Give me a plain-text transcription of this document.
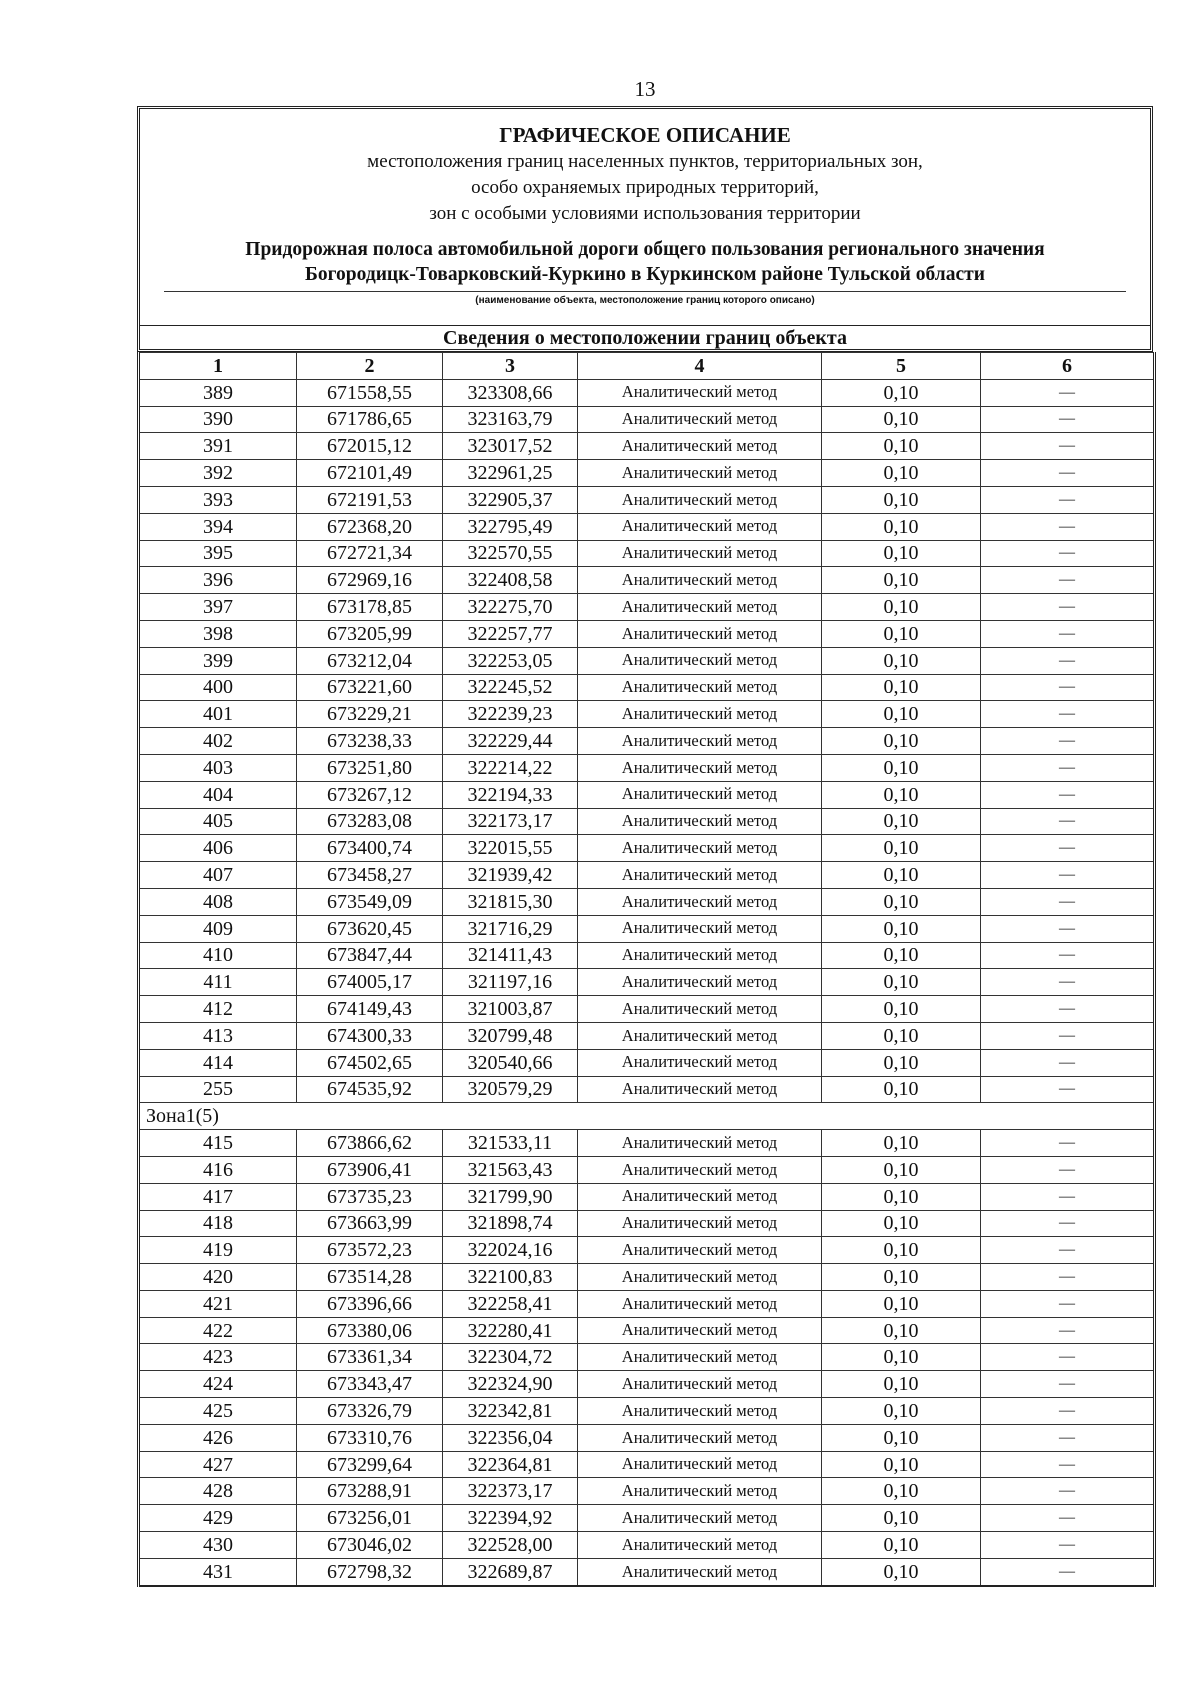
13
ГРАФИЧЕСКОЕ ОПИСАНИЕ
местоположения границ населенных пунктов, территориальных зон,
особо охраняемых природных территорий,
зон с особыми условиями использования территории
Придорожная полоса автомобильной дороги общего пользования регионального значения
Богородицк-Товарковский-Куркино в Куркинском районе Тульской области
(наименование объекта, местоположение границ которого описано)
Сведения о местоположении границ объекта
1	2	3	4	5	6
389	671558,55	323308,66	Аналитический метод	0,10	—
390	671786,65	323163,79	Аналитический метод	0,10	—
391	672015,12	323017,52	Аналитический метод	0,10	—
392	672101,49	322961,25	Аналитический метод	0,10	—
393	672191,53	322905,37	Аналитический метод	0,10	—
394	672368,20	322795,49	Аналитический метод	0,10	—
395	672721,34	322570,55	Аналитический метод	0,10	—
396	672969,16	322408,58	Аналитический метод	0,10	—
397	673178,85	322275,70	Аналитический метод	0,10	—
398	673205,99	322257,77	Аналитический метод	0,10	—
399	673212,04	322253,05	Аналитический метод	0,10	—
400	673221,60	322245,52	Аналитический метод	0,10	—
401	673229,21	322239,23	Аналитический метод	0,10	—
402	673238,33	322229,44	Аналитический метод	0,10	—
403	673251,80	322214,22	Аналитический метод	0,10	—
404	673267,12	322194,33	Аналитический метод	0,10	—
405	673283,08	322173,17	Аналитический метод	0,10	—
406	673400,74	322015,55	Аналитический метод	0,10	—
407	673458,27	321939,42	Аналитический метод	0,10	—
408	673549,09	321815,30	Аналитический метод	0,10	—
409	673620,45	321716,29	Аналитический метод	0,10	—
410	673847,44	321411,43	Аналитический метод	0,10	—
411	674005,17	321197,16	Аналитический метод	0,10	—
412	674149,43	321003,87	Аналитический метод	0,10	—
413	674300,33	320799,48	Аналитический метод	0,10	—
414	674502,65	320540,66	Аналитический метод	0,10	—
255	674535,92	320579,29	Аналитический метод	0,10	—
Зона1(5)					
415	673866,62	321533,11	Аналитический метод	0,10	—
416	673906,41	321563,43	Аналитический метод	0,10	—
417	673735,23	321799,90	Аналитический метод	0,10	—
418	673663,99	321898,74	Аналитический метод	0,10	—
419	673572,23	322024,16	Аналитический метод	0,10	—
420	673514,28	322100,83	Аналитический метод	0,10	—
421	673396,66	322258,41	Аналитический метод	0,10	—
422	673380,06	322280,41	Аналитический метод	0,10	—
423	673361,34	322304,72	Аналитический метод	0,10	—
424	673343,47	322324,90	Аналитический метод	0,10	—
425	673326,79	322342,81	Аналитический метод	0,10	—
426	673310,76	322356,04	Аналитический метод	0,10	—
427	673299,64	322364,81	Аналитический метод	0,10	—
428	673288,91	322373,17	Аналитический метод	0,10	—
429	673256,01	322394,92	Аналитический метод	0,10	—
430	673046,02	322528,00	Аналитический метод	0,10	—
431	672798,32	322689,87	Аналитический метод	0,10	—
